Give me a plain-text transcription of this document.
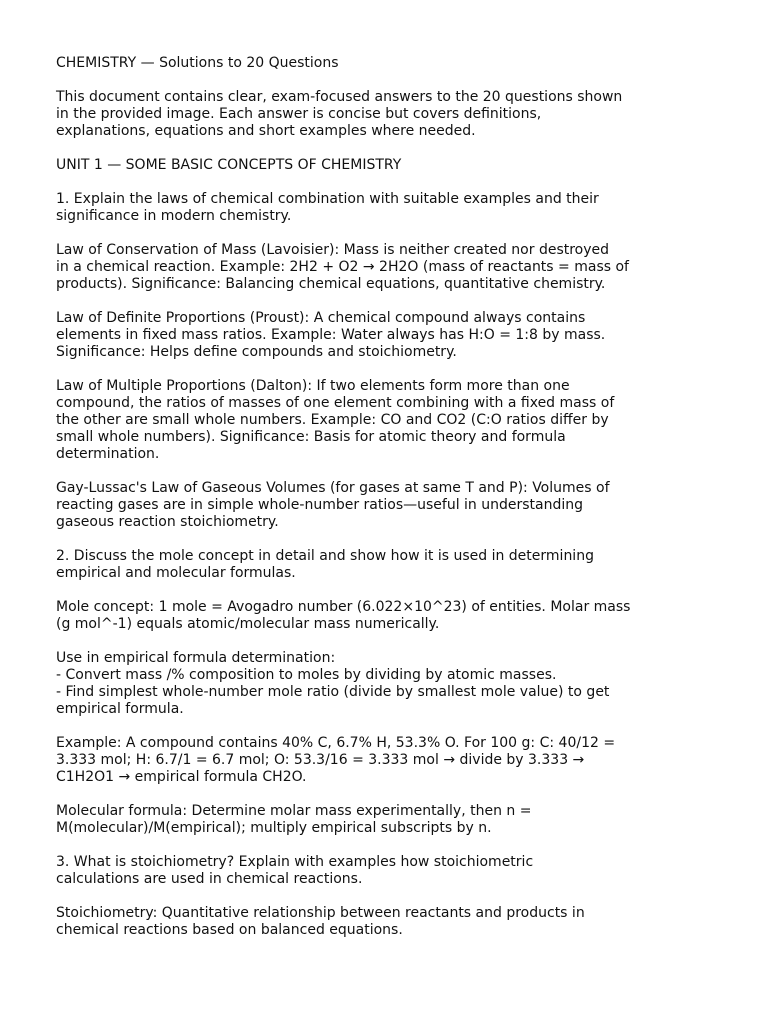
CHEMISTRY — Solutions to 20 Questions

This document contains clear, exam-focused answers to the 20 questions shown
in the provided image. Each answer is concise but covers definitions,
explanations, equations and short examples where needed.

UNIT 1 — SOME BASIC CONCEPTS OF CHEMISTRY

1. Explain the laws of chemical combination with suitable examples and their
significance in modern chemistry.

Law of Conservation of Mass (Lavoisier): Mass is neither created nor destroyed
in a chemical reaction. Example: 2H2 + O2 → 2H2O (mass of reactants = mass of
products). Significance: Balancing chemical equations, quantitative chemistry.

Law of Definite Proportions (Proust): A chemical compound always contains
elements in fixed mass ratios. Example: Water always has H:O = 1:8 by mass.
Significance: Helps define compounds and stoichiometry.

Law of Multiple Proportions (Dalton): If two elements form more than one
compound, the ratios of masses of one element combining with a fixed mass of
the other are small whole numbers. Example: CO and CO2 (C:O ratios differ by
small whole numbers). Significance: Basis for atomic theory and formula
determination.

Gay-Lussac's Law of Gaseous Volumes (for gases at same T and P): Volumes of
reacting gases are in simple whole-number ratios—useful in understanding
gaseous reaction stoichiometry.

2. Discuss the mole concept in detail and show how it is used in determining
empirical and molecular formulas.

Mole concept: 1 mole = Avogadro number (6.022×10^23) of entities. Molar mass
(g mol^-1) equals atomic/molecular mass numerically.

Use in empirical formula determination:
- Convert mass /% composition to moles by dividing by atomic masses.
- Find simplest whole-number mole ratio (divide by smallest mole value) to get
empirical formula.

Example: A compound contains 40% C, 6.7% H, 53.3% O. For 100 g: C: 40/12 =
3.333 mol; H: 6.7/1 = 6.7 mol; O: 53.3/16 = 3.333 mol → divide by 3.333 →
C1H2O1 → empirical formula CH2O.

Molecular formula: Determine molar mass experimentally, then n =
M(molecular)/M(empirical); multiply empirical subscripts by n.

3. What is stoichiometry? Explain with examples how stoichiometric
calculations are used in chemical reactions.

Stoichiometry: Quantitative relationship between reactants and products in
chemical reactions based on balanced equations.
